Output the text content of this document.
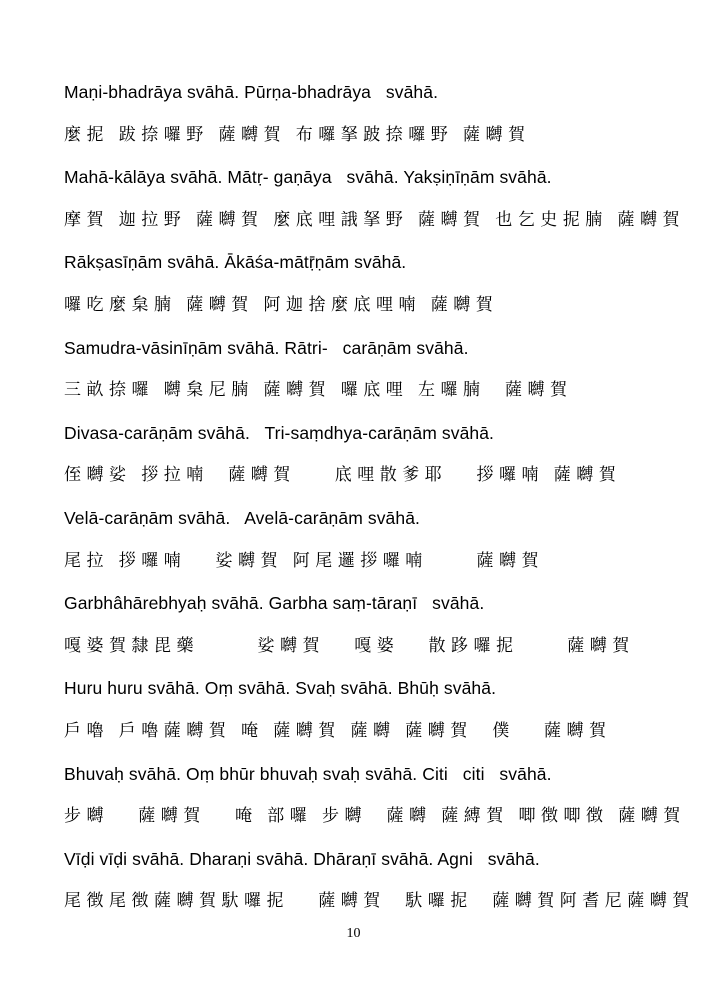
Maṇi-bhadrāya svāhā. Pūrṇa-bhadrāya   svāhā.

麼抳 跋捺囉野 薩嚩賀 布囉拏跛捺囉野 薩嚩賀

Mahā-kālāya svāhā. Mātṛ- gaṇāya   svāhā. Yakṣiṇīṇām svāhā.

摩賀 迦拉野 薩嚩賀 麼底哩誐拏野 薩嚩賀 也乞史抳腩 薩嚩賀

Rākṣasīṇām svāhā. Ākāśa-mātṝṇām svāhā.

囉吃麼枲腩 薩嚩賀 阿迦捨麼底哩喃 薩嚩賀

Samudra-vāsinīṇām svāhā. Rātri-   carāṇām svāhā.

三畝捺囉 嚩枲尼腩 薩嚩賀 囉底哩 左囉腩  薩嚩賀

Divasa-carāṇām svāhā.   Tri-saṃdhya-carāṇām svāhā.

侄嚩娑 拶拉喃  薩嚩賀    底哩散爹耶   拶囉喃 薩嚩賀

Velā-carāṇām svāhā.   Avelā-carāṇām svāhā.

尾拉 拶囉喃   娑嚩賀 阿尾邏拶囉喃     薩嚩賀

Garbhâhārebhyaḥ svāhā. Garbha saṃ-tāraṇī   svāhā.

嘎婆賀隸毘藥      娑嚩賀   嘎婆   散跢囉抳     薩嚩賀

Huru huru svāhā. Oṃ svāhā. Svaḥ svāhā. Bhūḥ svāhā.

戶嚕 戶嚕薩嚩賀 唵 薩嚩賀 薩嚩 薩嚩賀  僕   薩嚩賀

Bhuvaḥ svāhā. Oṃ bhūr bhuvaḥ svaḥ svāhā. Citi   citi   svāhā.

步嚩   薩嚩賀   唵 部囉 步嚩  薩嚩 薩縛賀 唧徴唧徴 薩嚩賀

Vīḍi vīḍi svāhā. Dharaṇi svāhā. Dhāraṇī svāhā. Agni   svāhā.

尾徴尾徴薩嚩賀馱囉抳   薩嚩賀  馱囉抳  薩嚩賀阿耆尼薩嚩賀

10
